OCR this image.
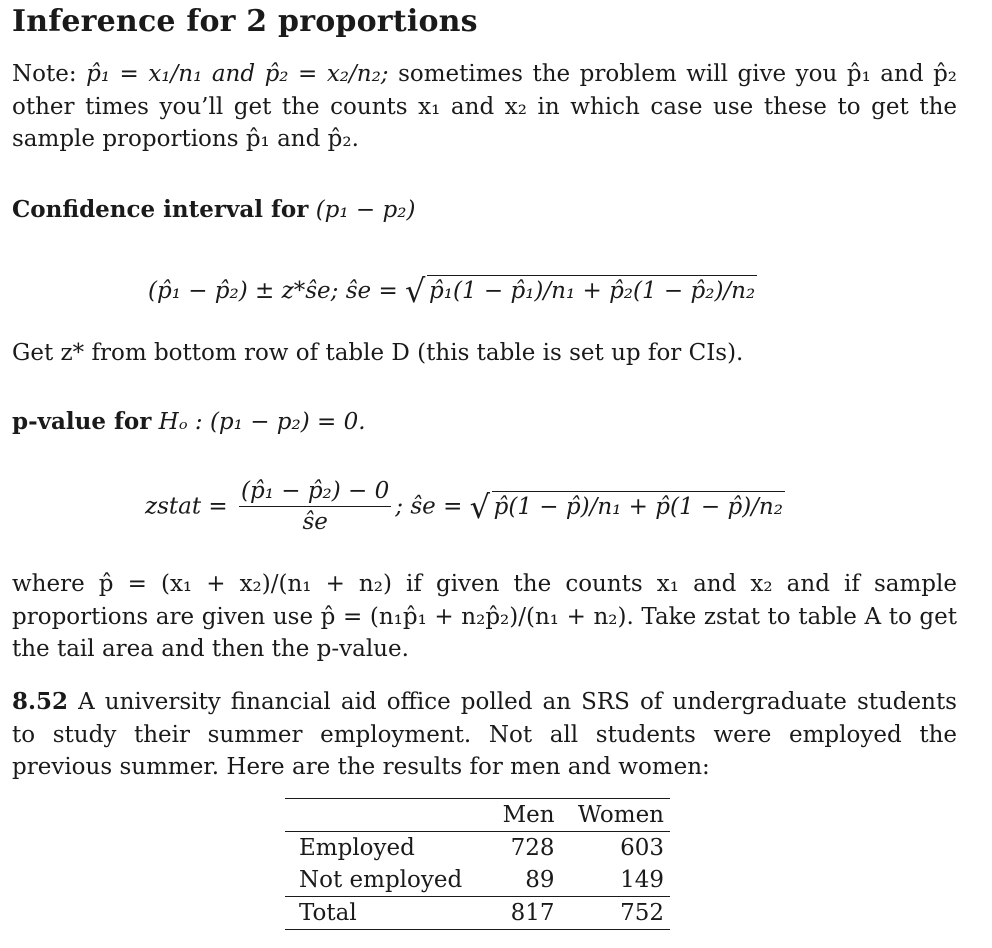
Inference for 2 proportions
Note: p̂₁ = x₁/n₁ and p̂₂ = x₂/n₂; sometimes the problem will give you p̂₁ and p̂₂ other times you’ll get the counts x₁ and x₂ in which case use these to get the sample proportions p̂₁ and p̂₂.
Confidence interval for (p₁ − p₂)
(p̂₁ − p̂₂) ± z*ŝe; ŝe = √ p̂₁(1 − p̂₁)/n₁ + p̂₂(1 − p̂₂)/n₂
Get z* from bottom row of table D (this table is set up for CIs).
p-value for Hₒ : (p₁ − p₂) = 0.
zstat = $\frac{\text{(p̂₁ − p̂₂) − 0}}{ŝe}$ ; ŝe = √ p̂(1 − p̂)/n₁ + p̂(1 − p̂)/n₂
where p̂ = (x₁ + x₂)/(n₁ + n₂) if given the counts x₁ and x₂ and if sample proportions are given use p̂ = (n₁p̂₁ + n₂p̂₂)/(n₁ + n₂). Take zstat to table A to get the tail area and then the p-value.
8.52 A university financial aid office polled an SRS of undergraduate students to study their summer employment. Not all students were employed the previous summer. Here are the results for men and women:
	Men	Women
Employed	728	603
Not employed	89	149
Total	817	752
